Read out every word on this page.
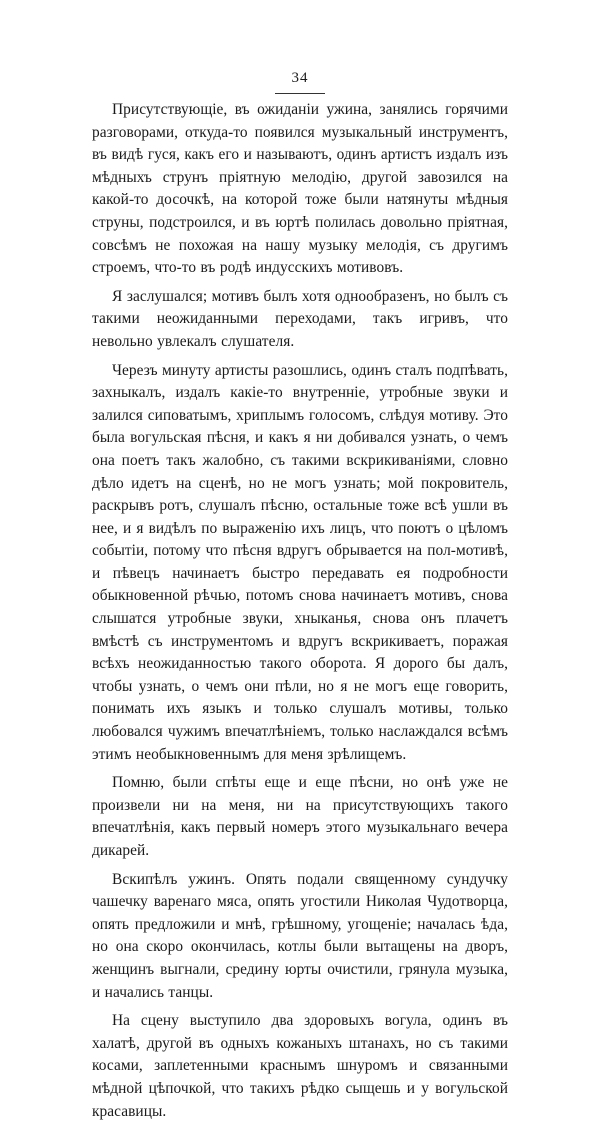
34

Присутствующіе, въ ожиданіи ужина, занялись горячими разговорами, откуда-то появился музыкальный инструментъ, въ видѣ гуся, какъ его и называютъ, одинъ артистъ издалъ изъ мѣдныхъ струнъ пріятную мелодію, другой завозился на какой-то досочкѣ, на которой тоже были натянуты мѣдныя струны, подстроился, и въ юртѣ полилась довольно пріятная, совсѣмъ не похожая на нашу музыку мелодія, съ другимъ строемъ, что-то въ родѣ индусскихъ мотивовъ.

Я заслушался; мотивъ былъ хотя однообразенъ, но былъ съ такими неожиданными переходами, такъ игривъ, что невольно увлекалъ слушателя.

Черезъ минуту артисты разошлись, одинъ сталъ подпѣвать, захныкалъ, издалъ какіе-то внутренніе, утробные звуки и залился сиповатымъ, хриплымъ голосомъ, слѣдуя мотиву. Это была вогульская пѣсня, и какъ я ни добивался узнать, о чемъ она поетъ такъ жалобно, съ такими вскрикиваніями, словно дѣло идетъ на сценѣ, но не могъ узнать; мой покровитель, раскрывъ ротъ, слушалъ пѣсню, остальные тоже всѣ ушли въ нее, и я видѣлъ по выраженію ихъ лицъ, что поютъ о цѣломъ событіи, потому что пѣсня вдругъ обрывается на пол-мотивѣ, и пѣвецъ начинаетъ быстро передавать ея подробности обыкновенной рѣчью, потомъ снова начинаетъ мотивъ, снова слышатся утробные звуки, хныканья, снова онъ плачетъ вмѣстѣ съ инструментомъ и вдругъ вскрикиваетъ, поражая всѣхъ неожиданностью такого оборота. Я дорого бы далъ, чтобы узнать, о чемъ они пѣли, но я не могъ еще говорить, понимать ихъ языкъ и только слушалъ мотивы, только любовался чужимъ впечатлѣніемъ, только наслаждался всѣмъ этимъ необыкновеннымъ для меня зрѣлищемъ.

Помню, были спѣты еще и еще пѣсни, но онѣ уже не произвели ни на меня, ни на присутствующихъ такого впечатлѣнія, какъ первый номеръ этого музыкальнаго вечера дикарей.

Вскипѣлъ ужинъ. Опять подали священному сундучку чашечку варенаго мяса, опять угостили Николая Чудотворца, опять предложили и мнѣ, грѣшному, угощеніе; началась ѣда, но она скоро окончилась, котлы были вытащены на дворъ, женщинъ выгнали, средину юрты очистили, грянула музыка, и начались танцы.

На сцену выступило два здоровыхъ вогула, одинъ въ халатѣ, другой въ одныхъ кожаныхъ штанахъ, но съ такими косами, заплетенными краснымъ шнуромъ и связанными мѣдной цѣпочкой, что такихъ рѣдко сыщешь и у вогульской красавицы.
